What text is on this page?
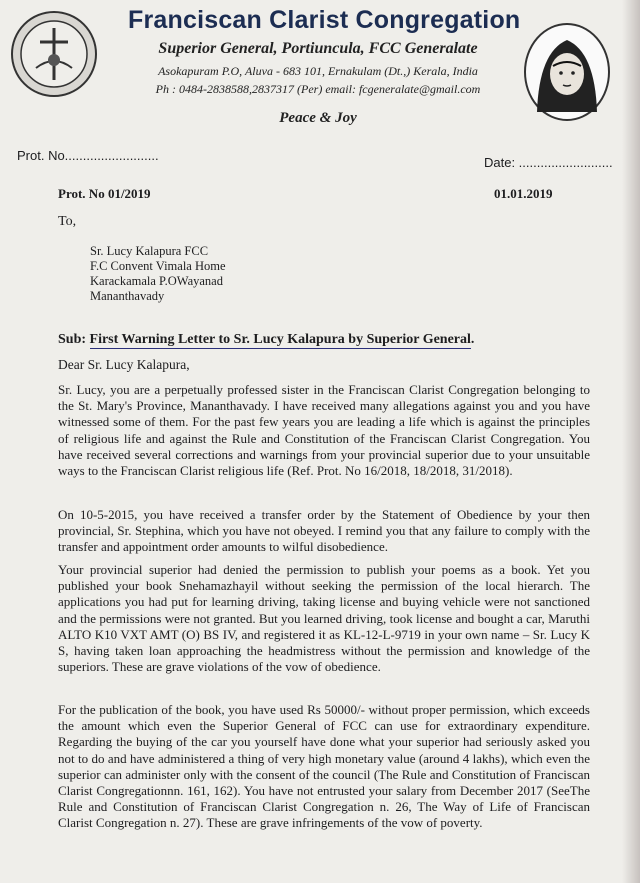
Franciscan Clarist Congregation
Superior General, Portiuncula, FCC Generalate
Asokapuram P.O, Aluva - 683 101, Ernakulam (Dt.,) Kerala, India
Ph : 0484-2838588,2837317 (Per) email: fcgeneralate@gmail.com
Peace & Joy
Prot. No..........................	Date: ..........................
Prot. No 01/2019	01.01.2019
To,
Sr. Lucy Kalapura FCC
F.C Convent Vimala Home
Karackamala P.OWayanad
Mananthavady
Sub: First Warning Letter to Sr. Lucy Kalapura by Superior General.
Dear Sr. Lucy Kalapura,
Sr. Lucy, you are a perpetually professed sister in the Franciscan Clarist Congregation belonging to the St. Mary's Province, Mananthavady. I have received many allegations against you and you have witnessed some of them. For the past few years you are leading a life which is against the principles of religious life and against the Rule and Constitution of the Franciscan Clarist Congregation. You have received several corrections and warnings from your provincial superior due to your unsuitable ways to the Franciscan Clarist religious life (Ref. Prot. No 16/2018, 18/2018, 31/2018).
On 10-5-2015, you have received a transfer order by the Statement of Obedience by your then provincial, Sr. Stephina, which you have not obeyed. I remind you that any failure to comply with the transfer and appointment order amounts to wilful disobedience.
Your provincial superior had denied the permission to publish your poems as a book. Yet you published your book Snehamazhayil without seeking the permission of the local hierarch. The applications you had put for learning driving, taking license and buying vehicle were not sanctioned and the permissions were not granted. But you learned driving, took license and bought a car, Maruthi ALTO K10 VXT AMT (O) BS IV, and registered it as KL-12-L-9719 in your own name – Sr. Lucy K S, having taken loan approaching the headmistress without the permission and knowledge of the superiors. These are grave violations of the vow of obedience.
For the publication of the book, you have used Rs 50000/- without proper permission, which exceeds the amount which even the Superior General of FCC can use for extraordinary expenditure. Regarding the buying of the car you yourself have done what your superior had seriously asked you not to do and have administered a thing of very high monetary value (around 4 lakhs), which even the superior can administer only with the consent of the council (The Rule and Constitution of Franciscan Clarist Congregationnn. 161, 162). You have not entrusted your salary from December 2017 (SeeThe Rule and Constitution of Franciscan Clarist Congregation n. 26, The Way of Life of Franciscan Clarist Congregation n. 27). These are grave infringements of the vow of poverty.
